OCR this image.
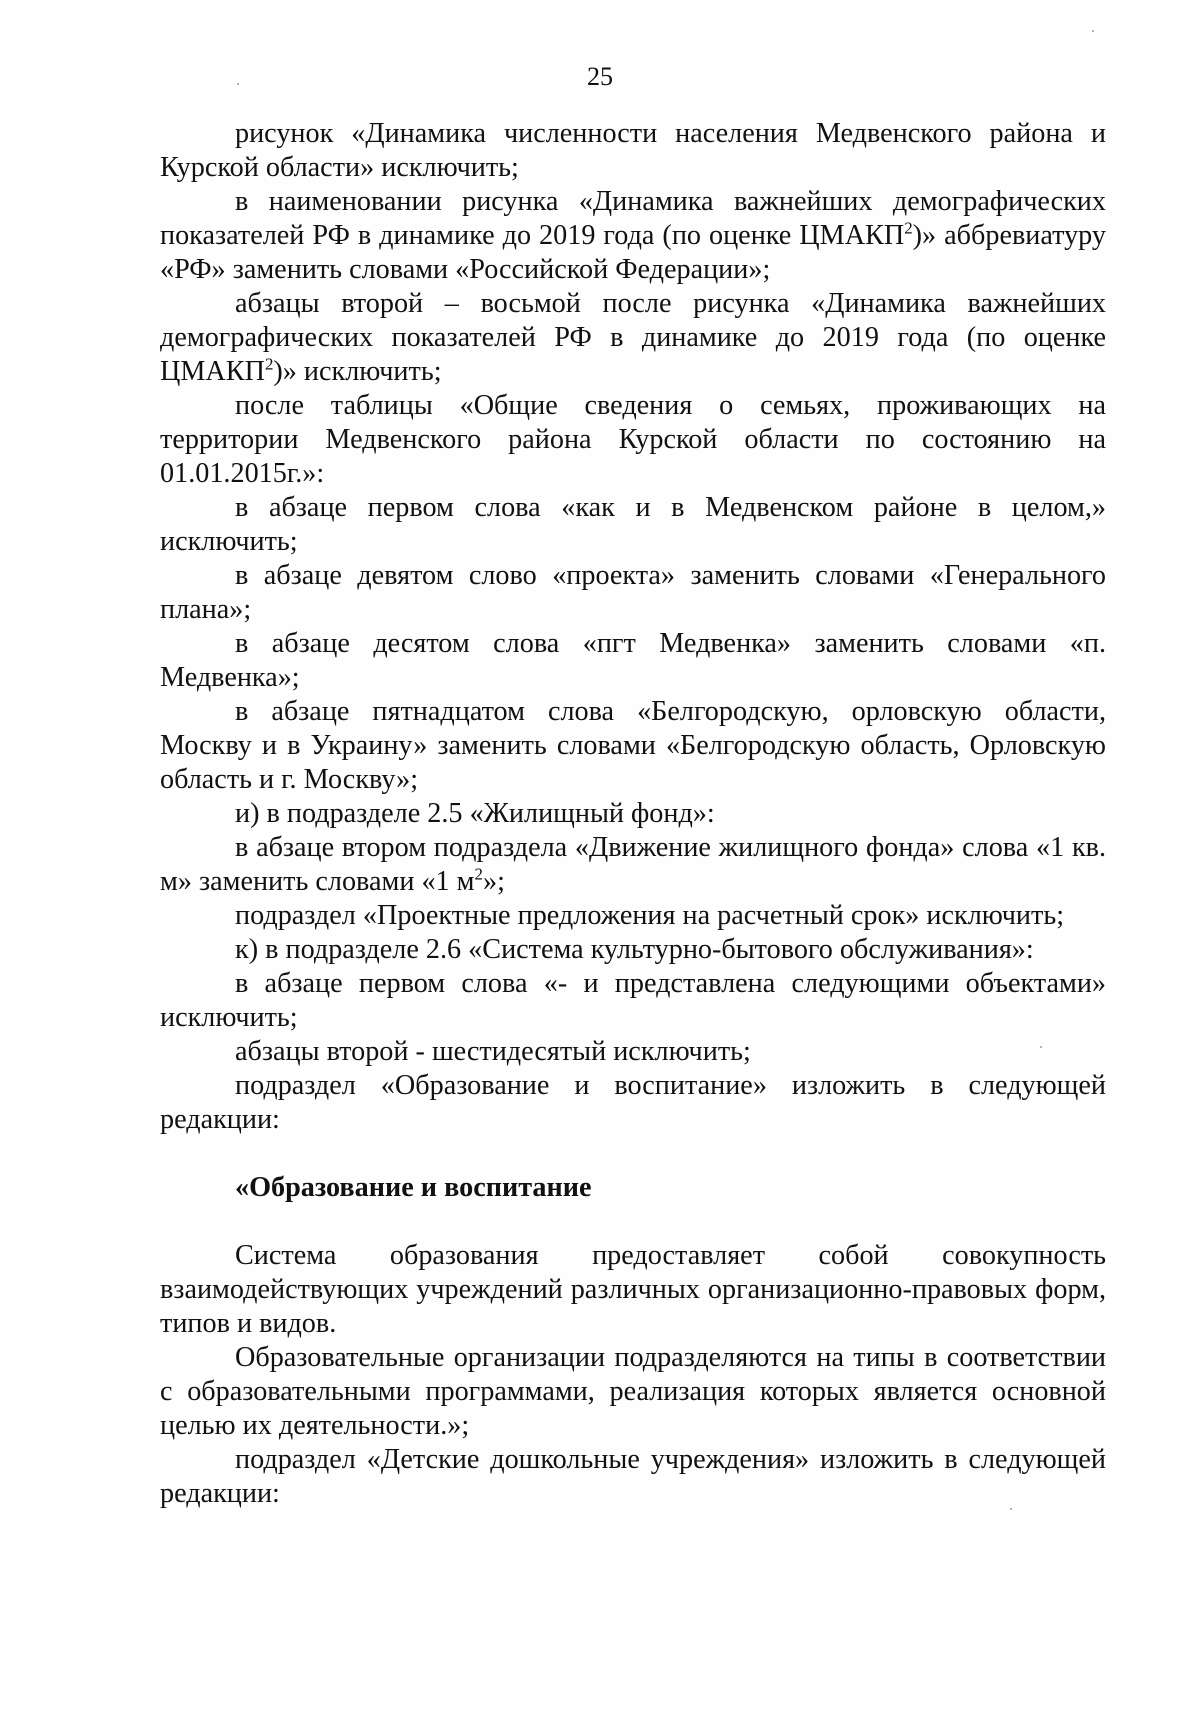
25

рисунок «Динамика численности населения Медвенского района и Курской области» исключить;

в наименовании рисунка «Динамика важнейших демографических показателей РФ в динамике до 2019 года (по оценке ЦМАКП$^2$)» аббревиатуру «РФ» заменить словами «Российской Федерации»;

абзацы второй – восьмой после рисунка «Динамика важнейших демографических показателей РФ в динамике до 2019 года (по оценке ЦМАКП$^2$)» исключить;

после таблицы «Общие сведения о семьях, проживающих на территории Медвенского района Курской области по состоянию на 01.01.2015г.»:

в абзаце первом слова «как и в Медвенском районе в целом,» исключить;

в абзаце девятом слово «проекта» заменить словами «Генерального плана»;

в абзаце десятом слова «пгт Медвенка» заменить словами «п. Медвенка»;

в абзаце пятнадцатом слова «Белгородскую, орловскую области, Москву и в Украину» заменить словами «Белгородскую область, Орловскую область и г. Москву»;

и) в подразделе 2.5 «Жилищный фонд»:

в абзаце втором подраздела «Движение жилищного фонда» слова «1 кв. м» заменить словами «1 $м^2$»;

подраздел «Проектные предложения на расчетный срок» исключить;

к) в подразделе 2.6 «Система культурно-бытового обслуживания»:

в абзаце первом слова «- и представлена следующими объектами» исключить;

абзацы второй - шестидесятый исключить;

подраздел «Образование и воспитание» изложить в следующей редакции:

«Образование и воспитание

Система образования предоставляет собой совокупность взаимодействующих учреждений различных организационно-правовых форм, типов и видов.

Образовательные организации подразделяются на типы в соответствии с образовательными программами, реализация которых является основной целью их деятельности.»;

подраздел «Детские дошкольные учреждения» изложить в следующей редакции:
